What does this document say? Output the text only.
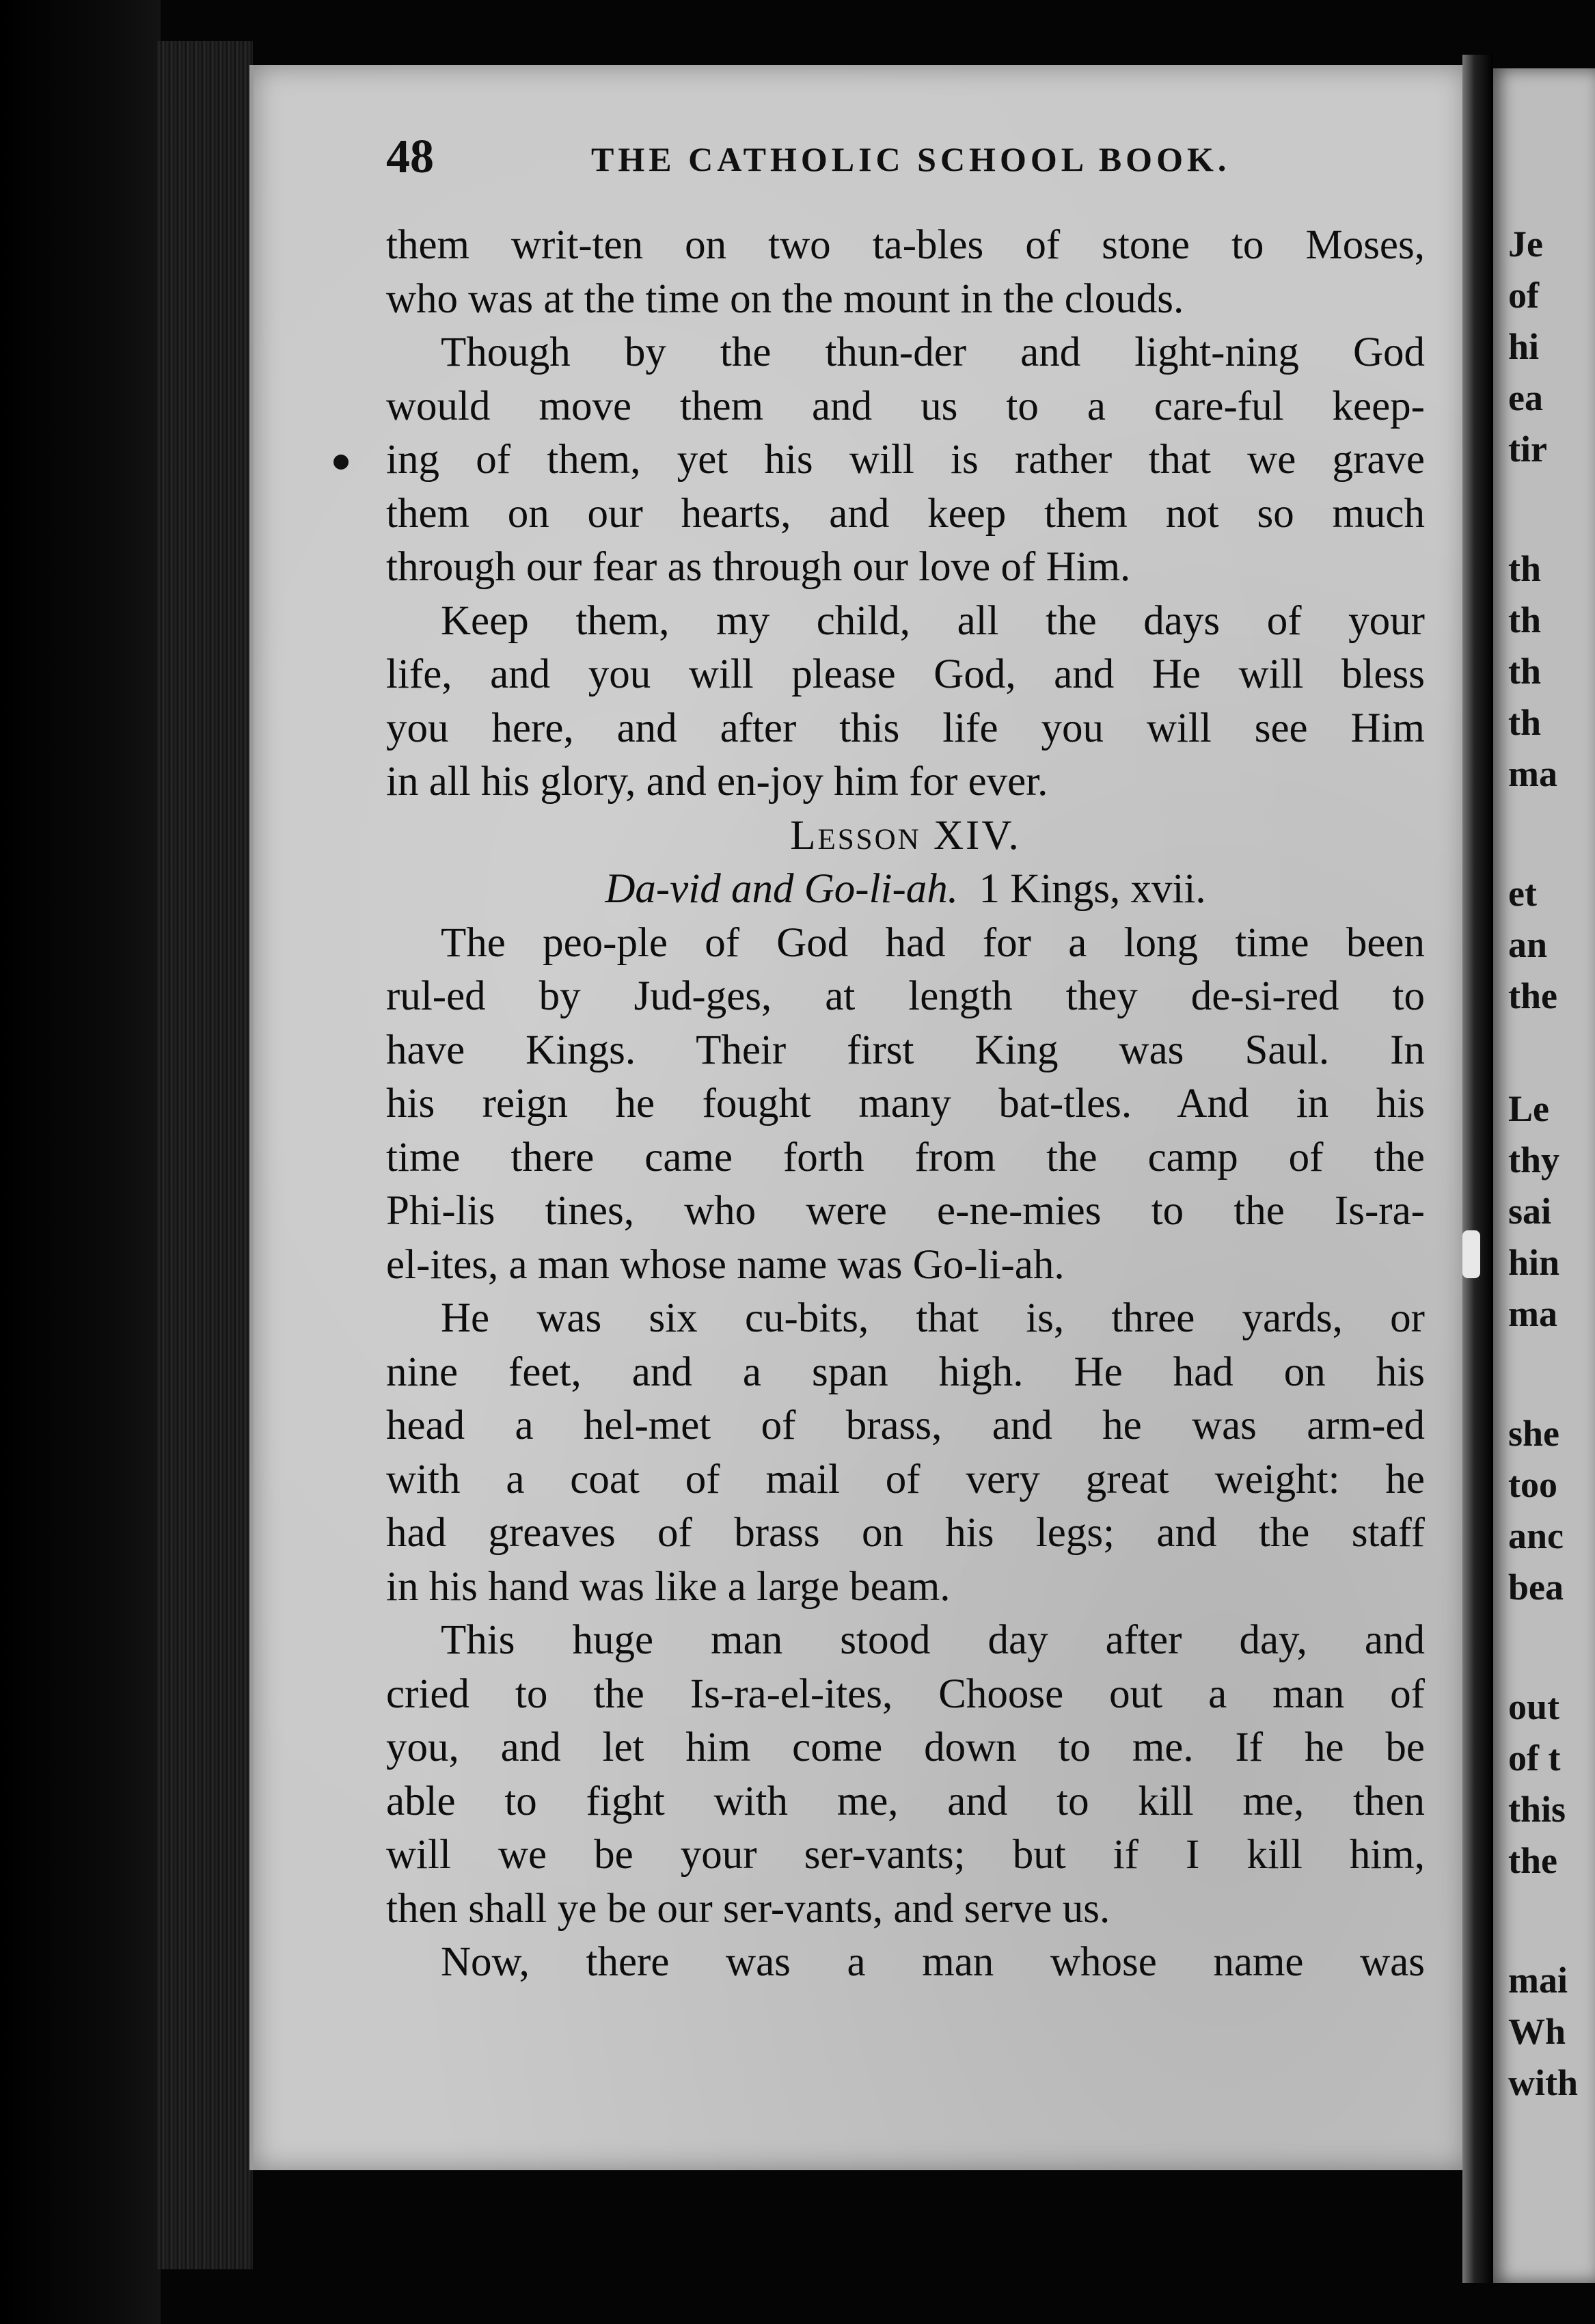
Je
of
hi
ea
tir
th
th
th
th
ma
et
an
the
Le
thy
sai
hin
ma
she
too
anc
bea
out
of t
this
the
mai
Wh
with
48	THE CATHOLIC SCHOOL BOOK.
them writ-ten on two ta-bles of stone to Moses,
who was at the time on the mount in the clouds.
Though by the thun-der and light-ning God
would move them and us to a care-ful keep-
ing of them, yet his will is rather that we grave
them on our hearts, and keep them not so much
through our fear as through our love of Him.
Keep them, my child, all the days of your
life, and you will please God, and He will bless
you here, and after this life you will see Him
in all his glory, and en-joy him for ever.
Lesson XIV.
Da-vid and Go-li-ah. 1 Kings, xvii.
The peo-ple of God had for a long time been
rul-ed by Jud-ges, at length they de-si-red to
have Kings. Their first King was Saul. In
his reign he fought many bat-tles. And in his
time there came forth from the camp of the
Phi-lis tines, who were e-ne-mies to the Is-ra-
el-ites, a man whose name was Go-li-ah.
He was six cu-bits, that is, three yards, or
nine feet, and a span high. He had on his
head a hel-met of brass, and he was arm-ed
with a coat of mail of very great weight: he
had greaves of brass on his legs; and the staff
in his hand was like a large beam.
This huge man stood day after day, and
cried to the Is-ra-el-ites, Choose out a man of
you, and let him come down to me. If he be
able to fight with me, and to kill me, then
will we be your ser-vants; but if I kill him,
then shall ye be our ser-vants, and serve us.
Now, there was a man whose name was
